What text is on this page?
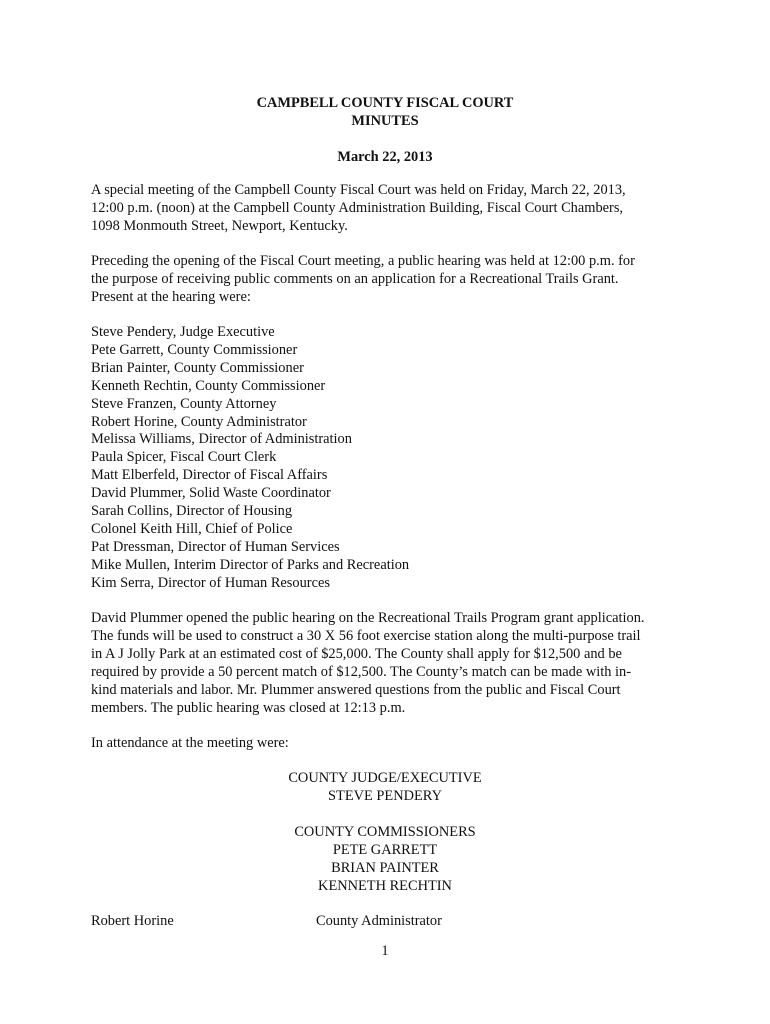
CAMPBELL COUNTY FISCAL COURT
MINUTES
March 22, 2013
A special meeting of the Campbell County Fiscal Court was held on Friday, March 22, 2013,
12:00 p.m. (noon) at the Campbell County Administration Building, Fiscal Court Chambers,
1098 Monmouth Street, Newport, Kentucky.
Preceding the opening of the Fiscal Court meeting, a public hearing was held at 12:00 p.m. for
the purpose of receiving public comments on an application for a Recreational Trails Grant.
Present at the hearing were:
Steve Pendery, Judge Executive
Pete Garrett, County Commissioner
Brian Painter, County Commissioner
Kenneth Rechtin, County Commissioner
Steve Franzen, County Attorney
Robert Horine, County Administrator
Melissa Williams, Director of Administration
Paula Spicer, Fiscal Court Clerk
Matt Elberfeld, Director of Fiscal Affairs
David Plummer, Solid Waste Coordinator
Sarah Collins, Director of Housing
Colonel Keith Hill, Chief of Police
Pat Dressman, Director of Human Services
Mike Mullen, Interim Director of Parks and Recreation
Kim Serra, Director of Human Resources
David Plummer opened the public hearing on the Recreational Trails Program grant application.
The funds will be used to construct a 30 X 56 foot exercise station along the multi-purpose trail
in A J Jolly Park at an estimated cost of $25,000. The County shall apply for $12,500 and be
required by provide a 50 percent match of $12,500. The County’s match can be made with in-
kind materials and labor. Mr. Plummer answered questions from the public and Fiscal Court
members. The public hearing was closed at 12:13 p.m.
In attendance at the meeting were:
COUNTY JUDGE/EXECUTIVE
STEVE PENDERY
COUNTY COMMISSIONERS
PETE GARRETT
BRIAN PAINTER
KENNETH RECHTIN
Robert Horine	County Administrator
1
